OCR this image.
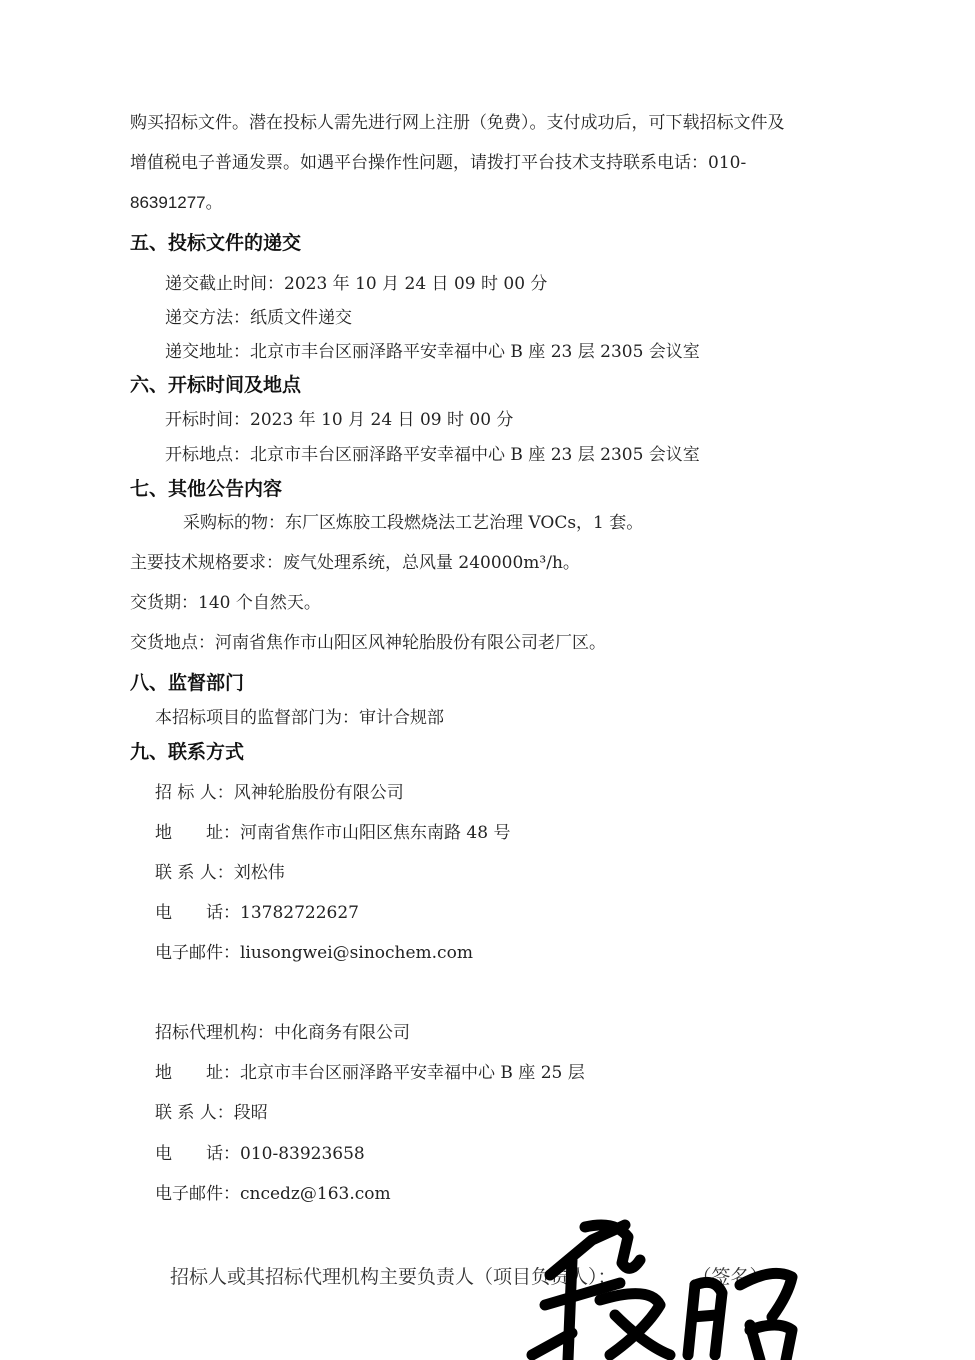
购买招标文件。潜在投标人需先进行网上注册（免费）。支付成功后，可下载招标文件及
增值税电子普通发票。如遇平台操作性问题，请拨打平台技术支持联系电话：010-
86391277。
五、投标文件的递交
递交截止时间：2023 年 10 月 24 日 09 时 00 分
递交方法：纸质文件递交
递交地址：北京市丰台区丽泽路平安幸福中心 B 座 23 层 2305 会议室
六、开标时间及地点
开标时间：2023 年 10 月 24 日 09 时 00 分
开标地点：北京市丰台区丽泽路平安幸福中心 B 座 23 层 2305 会议室
七、其他公告内容
采购标的物：东厂区炼胶工段燃烧法工艺治理 VOCs，1 套。
主要技术规格要求：废气处理系统，总风量 240000m³/h。
交货期：140 个自然天。
交货地点：河南省焦作市山阳区风神轮胎股份有限公司老厂区。
八、监督部门
本招标项目的监督部门为：审计合规部
九、联系方式
招 标 人：风神轮胎股份有限公司
地　　址：河南省焦作市山阳区焦东南路 48 号
联 系 人：刘松伟
电　　话：13782722627
电子邮件：liusongwei@sinochem.com
招标代理机构：中化商务有限公司
地　　址：北京市丰台区丽泽路平安幸福中心 B 座 25 层
联 系 人：段昭
电　　话：010-83923658
电子邮件：cncedz@163.com
招标人或其招标代理机构主要负责人（项目负责人）：　　　　　（签名）
